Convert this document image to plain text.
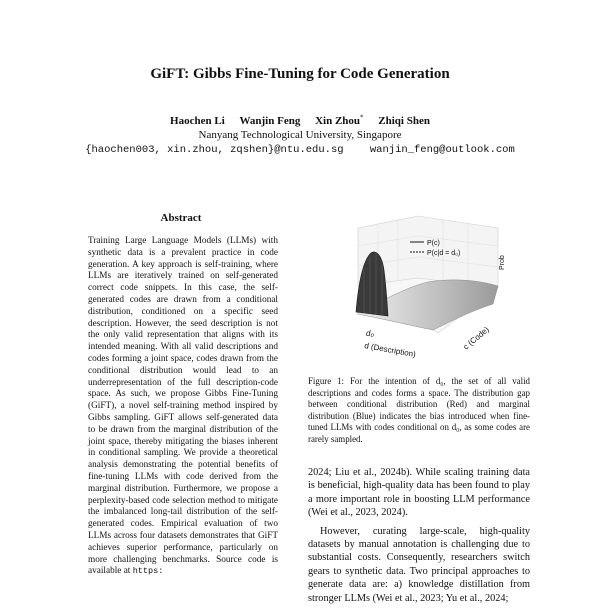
GiFT: Gibbs Fine-Tuning for Code Generation
Haochen Li Wanjin Feng Xin Zhou* Zhiqi Shen
Nanyang Technological University, Singapore
{haochen003, xin.zhou, zqshen}@ntu.edu.sg	wanjin_feng@outlook.com
Abstract
Training Large Language Models (LLMs) with synthetic data is a prevalent practice in code generation. A key approach is self-training, where LLMs are iteratively trained on self-generated correct code snippets. In this case, the self-generated codes are drawn from a conditional distribution, conditioned on a specific seed description. However, the seed description is not the only valid representation that aligns with its intended meaning. With all valid descriptions and codes forming a joint space, codes drawn from the conditional distribution would lead to an underrepresentation of the full description-code space. As such, we propose Gibbs Fine-Tuning (GiFT), a novel self-training method inspired by Gibbs sampling. GiFT allows self-generated data to be drawn from the marginal distribution of the joint space, thereby mitigating the biases inherent in conditional sampling. We provide a theoretical analysis demonstrating the potential benefits of fine-tuning LLMs with code derived from the marginal distribution. Furthermore, we propose a perplexity-based code selection method to mitigate the imbalanced long-tail distribution of the self-generated codes. Empirical evaluation of two LLMs across four datasets demonstrates that GiFT achieves superior performance, particularly on more challenging benchmarks. Source code is available at https:
P(c)
P(c|d = d₀)
Prob
d₀
d (Description)	c (Code)
Figure 1: For the intention of d₀, the set of all valid descriptions and codes forms a space. The distribution gap between conditional distribution (Red) and marginal distribution (Blue) indicates the bias introduced when fine-tuned LLMs with codes conditional on d₀, as some codes are rarely sampled.

2024; Liu et al., 2024b). While scaling training data is beneficial, high-quality data has been found to play a more important role in boosting LLM performance (Wei et al., 2023, 2024).

However, curating large-scale, high-quality datasets by manual annotation is challenging due to substantial costs. Consequently, researchers switch gears to synthetic data. Two principal approaches to generate data are: a) knowledge distillation from stronger LLMs (Wei et al., 2023; Yu et al., 2024;
